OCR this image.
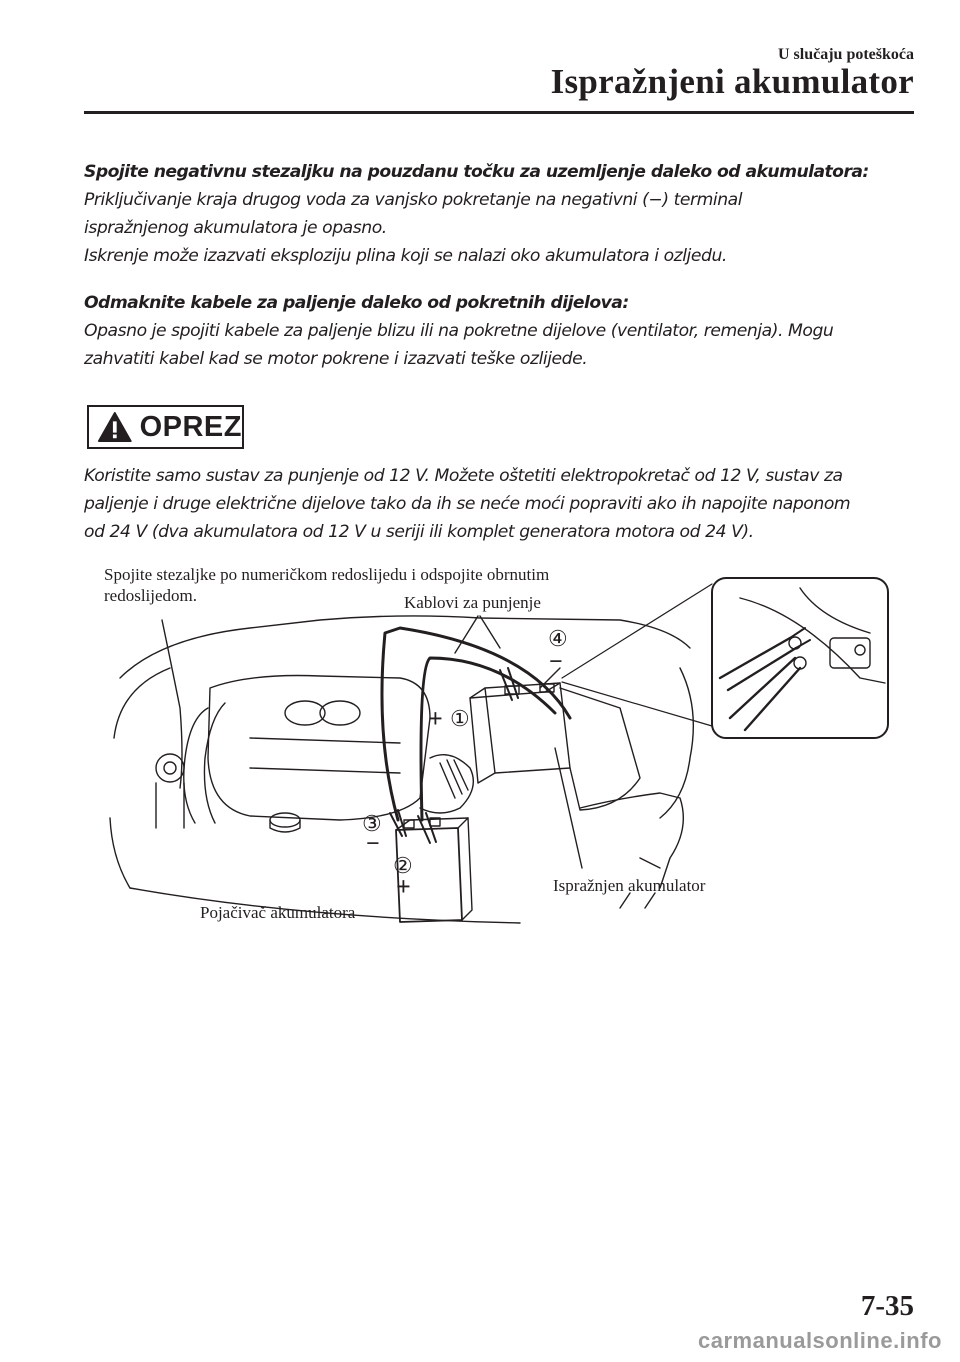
U slučaju poteškoća
Ispražnjeni akumulator
Spojite negativnu stezaljku na pouzdanu točku za uzemljenje daleko od akumulatora:
Priključivanje kraja drugog voda za vanjsko pokretanje na negativni (−) terminal
ispražnjenog akumulatora je opasno.
Iskrenje može izazvati eksploziju plina koji se nalazi oko akumulatora i ozljedu.
Odmaknite kabele za paljenje daleko od pokretnih dijelova:
Opasno je spojiti kabele za paljenje blizu ili na pokretne dijelove (ventilator, remenja). Mogu
zahvatiti kabel kad se motor pokrene i izazvati teške ozlijede.
OPREZ
Koristite samo sustav za punjenje od 12 V. Možete oštetiti elektropokretač od 12 V, sustav za
paljenje i druge električne dijelove tako da ih se neće moći popraviti ako ih napojite naponom
od 24 V (dva akumulatora od 12 V u seriji ili komplet generatora motora od 24 V).
④
−
①
+
③
−
②
+
Spojite stezaljke po numeričkom redoslijedu i odspojite obrnutim
redoslijedom.	Kablovi za punjenje
Ispražnjen akumulator
Pojačivač akumulatora
7-35
carmanualsonline.info
